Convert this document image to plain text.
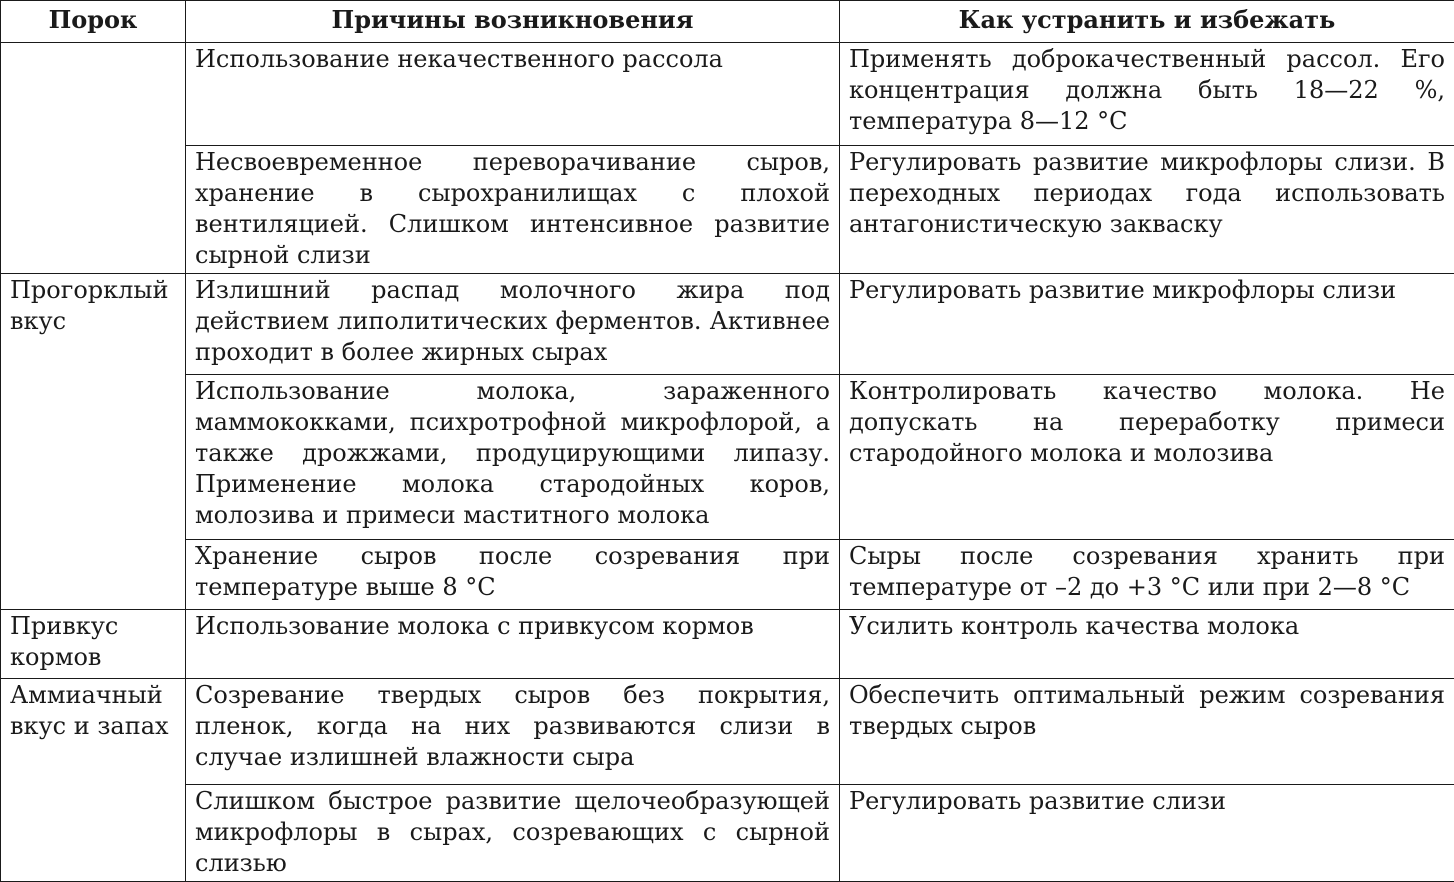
Порок	Причины возникновения	Как устранить и избежать
	Использование некачественного рассола	Применять доброкачественный рассол. Его концентрация должна быть 18—22 %, температура 8—12 °С
	Несвоевременное переворачивание сыров, хранение в сырохранилищах с плохой вентиляцией. Слишком интенсивное развитие сырной слизи	Регулировать развитие микрофлоры слизи. В переходных периодах года использовать антагонистическую закваску
Прогорклый вкус	Излишний распад молочного жира под действием липолитических ферментов. Активнее проходит в более жирных сырах	Регулировать развитие микрофлоры слизи
	Использование молока, зараженного маммококками, психротрофной микрофлорой, а также дрожжами, продуцирующими липазу. Применение молока стародойных коров, молозива и примеси маститного молока	Контролировать качество молока. Не допускать на переработку примеси стародойного молока и молозива
	Хранение сыров после созревания при температуре выше 8 °С	Сыры после созревания хранить при температуре от –2 до +3 °С или при 2—8 °С
Привкус кормов	Использование молока с привкусом кормов	Усилить контроль качества молока
Аммиачный вкус и запах	Созревание твердых сыров без покрытия, пленок, когда на них развиваются слизи в случае излишней влажности сыра	Обеспечить оптимальный режим созревания твердых сыров
	Слишком быстрое развитие щелочеобразующей микрофлоры в сырах, созревающих с сырной слизью	Регулировать развитие слизи
